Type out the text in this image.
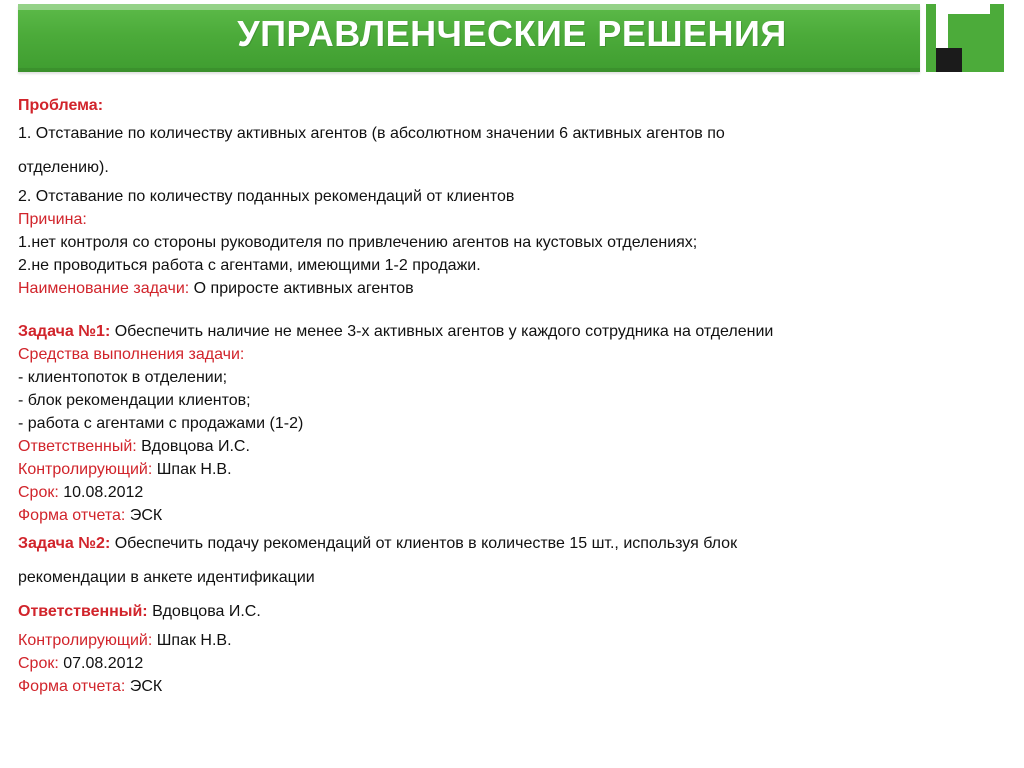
УПРАВЛЕНЧЕСКИЕ РЕШЕНИЯ

Проблема:

1. Отставание по количеству активных агентов (в абсолютном значении 6 активных агентов по

отделению).

2. Отставание по количеству поданных рекомендаций от клиентов

Причина:

1.нет контроля со стороны руководителя по привлечению агентов на кустовых отделениях;

2.не проводиться работа с агентами, имеющими 1-2 продажи.

Наименование задачи: О приросте активных агентов

Задача №1: Обеспечить наличие не менее 3-х активных агентов у каждого сотрудника на отделении

Средства выполнения задачи:

- клиентопоток в отделении;

- блок рекомендации клиентов;

- работа с агентами с продажами (1-2)

Ответственный: Вдовцова И.С.

Контролирующий: Шпак Н.В.

Срок: 10.08.2012

Форма отчета: ЭСК

Задача №2: Обеспечить подачу рекомендаций от клиентов в количестве 15 шт., используя блок

рекомендации в анкете идентификации

Ответственный: Вдовцова И.С.

Контролирующий: Шпак Н.В.

Срок: 07.08.2012

Форма отчета: ЭСК
